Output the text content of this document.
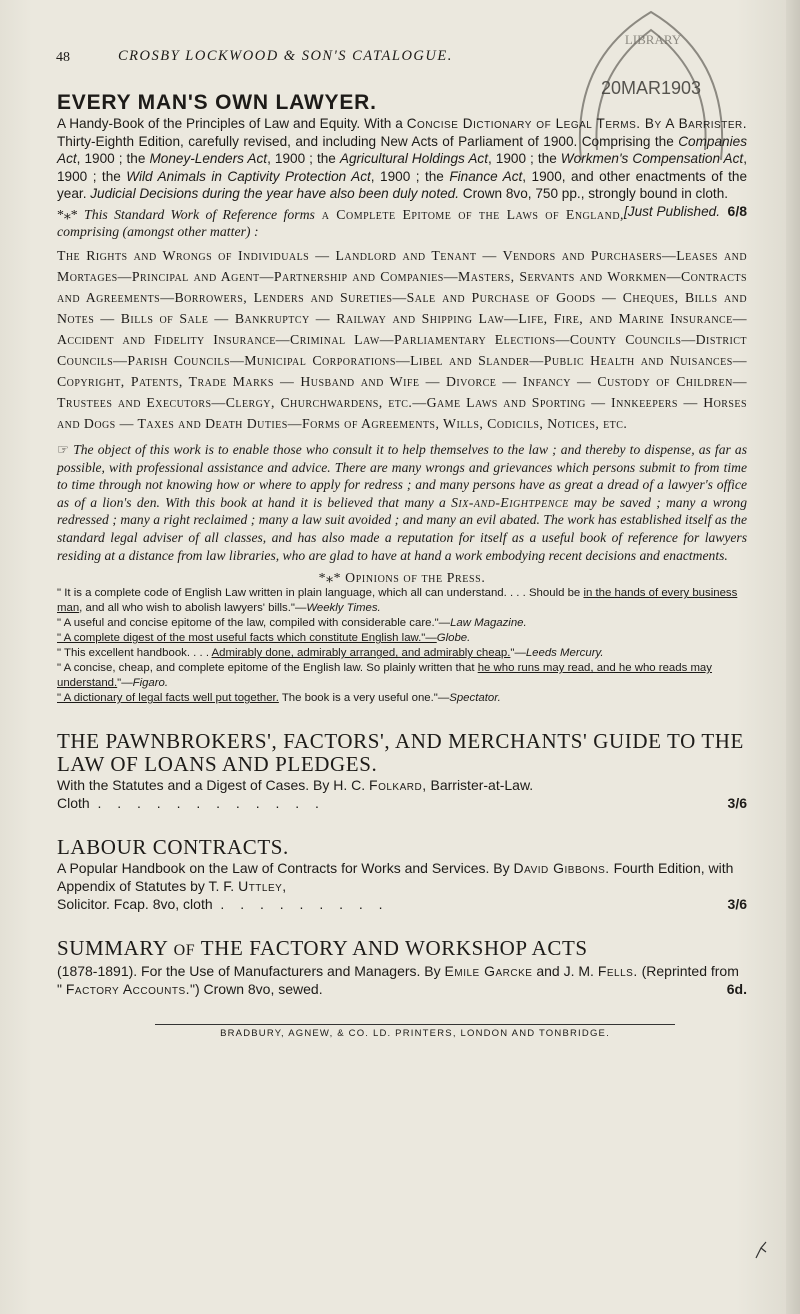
48	CROSBY LOCKWOOD & SON'S CATALOGUE.
LIBRARY
20MAR1903

EVERY MAN'S OWN LAWYER.

A Handy-Book of the Principles of Law and Equity. With a Concise Dictionary of Legal Terms. By A Barrister. Thirty-Eighth Edition, carefully revised, and including New Acts of Parliament of 1900. Comprising the Companies Act, 1900 ; the Money-Lenders Act, 1900 ; the Agricultural Holdings Act, 1900 ; the Workmen's Compensation Act, 1900 ; the Wild Animals in Captivity Protection Act, 1900 ; the Finance Act, 1900, and other enactments of the year. Judicial Decisions during the year have also been duly noted. Crown 8vo, 750 pp., strongly bound in cloth.
[Just Published. 6/8

*⁎* This Standard Work of Reference forms a Complete Epitome of the Laws of England, comprising (amongst other matter) :

The Rights and Wrongs of Individuals — Landlord and Tenant — Vendors and Purchasers—Leases and Mortages—Principal and Agent—Partnership and Companies—Masters, Servants and Workmen—Contracts and Agreements—Borrowers, Lenders and Sureties—Sale and Purchase of Goods — Cheques, Bills and Notes — Bills of Sale — Bankruptcy — Railway and Shipping Law—Life, Fire, and Marine Insurance—Accident and Fidelity Insurance—Criminal Law—Parliamentary Elections—County Councils—District Councils—Parish Councils—Municipal Corporations—Libel and Slander—Public Health and Nuisances—Copyright, Patents, Trade Marks — Husband and Wife — Divorce — Infancy — Custody of Children—Trustees and Executors—Clergy, Churchwardens, etc.—Game Laws and Sporting — Innkeepers — Horses and Dogs — Taxes and Death Duties—Forms of Agreements, Wills, Codicils, Notices, etc.

☞ The object of this work is to enable those who consult it to help themselves to the law ; and thereby to dispense, as far as possible, with professional assistance and advice. There are many wrongs and grievances which persons submit to from time to time through not knowing how or where to apply for redress ; and many persons have as great a dread of a lawyer's office as of a lion's den. With this book at hand it is believed that many a Six-and-Eightpence may be saved ; many a wrong redressed ; many a right reclaimed ; many a law suit avoided ; and many an evil abated. The work has established itself as the standard legal adviser of all classes, and has also made a reputation for itself as a useful book of reference for lawyers residing at a distance from law libraries, who are glad to have at hand a work embodying recent decisions and enactments.

*⁎* Opinions of the Press.

" It is a complete code of English Law written in plain language, which all can understand. . . . Should be in the hands of every business man, and all who wish to abolish lawyers' bills."—Weekly Times.
" A useful and concise epitome of the law, compiled with considerable care."—Law Magazine.
" A complete digest of the most useful facts which constitute English law."—Globe.
" This excellent handbook. . . . Admirably done, admirably arranged, and admirably cheap."—Leeds Mercury.
" A concise, cheap, and complete epitome of the English law. So plainly written that he who runs may read, and he who reads may understand."—Figaro.
" A dictionary of legal facts well put together. The book is a very useful one."—Spectator.

THE PAWNBROKERS', FACTORS', AND MERCHANTS' GUIDE TO THE LAW OF LOANS AND PLEDGES.

With the Statutes and a Digest of Cases. By H. C. Folkard, Barrister-at-Law.

Cloth . . . . . . . . . . . .	3/6

LABOUR CONTRACTS.

A Popular Handbook on the Law of Contracts for Works and Services. By David Gibbons. Fourth Edition, with Appendix of Statutes by T. F. Uttley,

Solicitor. Fcap. 8vo, cloth . . . . . . . . .	3/6

SUMMARY OF THE FACTORY AND WORKSHOP ACTS

(1878-1891). For the Use of Manufacturers and Managers. By Emile Garcke and J. M. Fells. (Reprinted from " Factory Accounts.") Crown 8vo, sewed.	6d.

BRADBURY, AGNEW, & CO. LD. PRINTERS, LONDON AND TONBRIDGE.
